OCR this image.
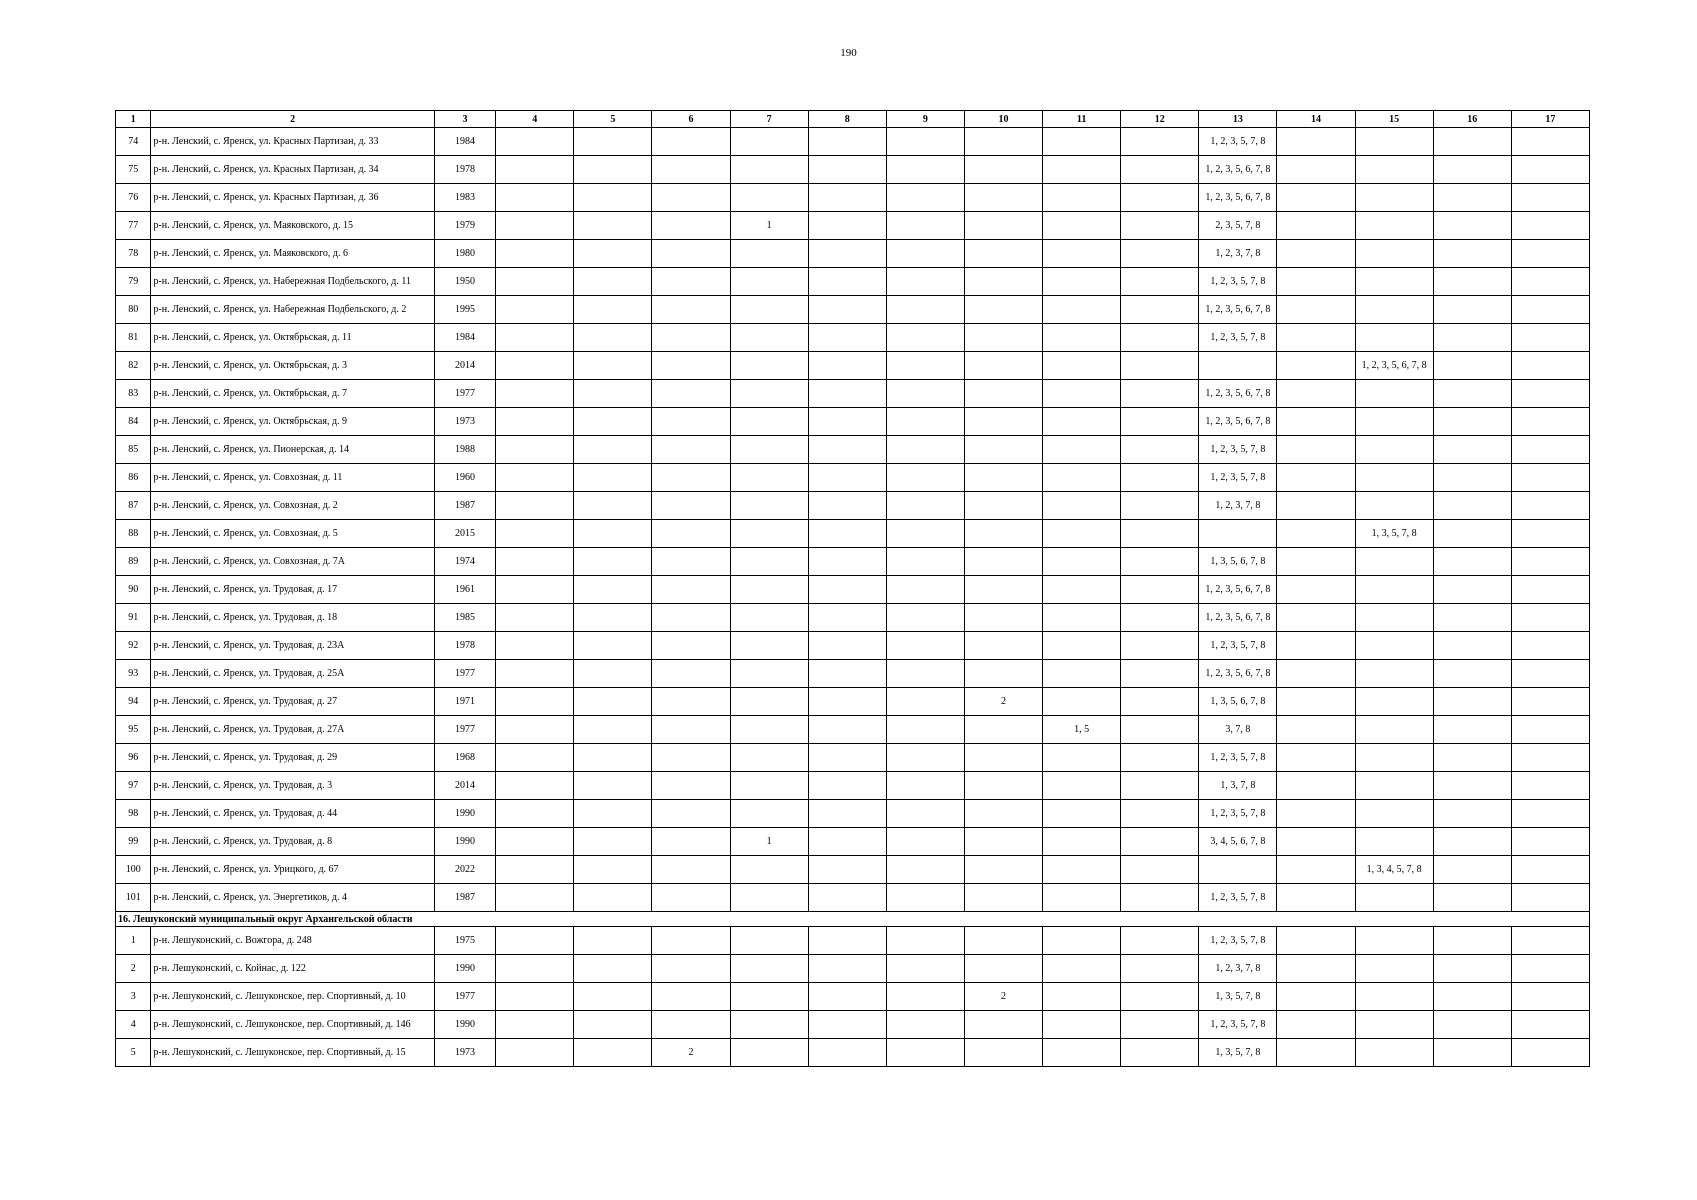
190
1	2	3	4	5	6	7	8	9	10	11	12	13	14	15	16	17
74	р-н. Ленский, с. Яренск, ул. Красных Партизан, д. 33	1984										1, 2, 3, 5, 7, 8				
75	р-н. Ленский, с. Яренск, ул. Красных Партизан, д. 34	1978										1, 2, 3, 5, 6, 7, 8				
76	р-н. Ленский, с. Яренск, ул. Красных Партизан, д. 36	1983										1, 2, 3, 5, 6, 7, 8				
77	р-н. Ленский, с. Яренск, ул. Маяковского, д. 15	1979				1						2, 3, 5, 7, 8				
78	р-н. Ленский, с. Яренск, ул. Маяковского, д. 6	1980										1, 2, 3, 7, 8				
79	р-н. Ленский, с. Яренск, ул. Набережная Подбельского, д. 11	1950										1, 2, 3, 5, 7, 8				
80	р-н. Ленский, с. Яренск, ул. Набережная Подбельского, д. 2	1995										1, 2, 3, 5, 6, 7, 8				
81	р-н. Ленский, с. Яренск, ул. Октябрьская, д. 11	1984										1, 2, 3, 5, 7, 8				
82	р-н. Ленский, с. Яренск, ул. Октябрьская, д. 3	2014												1, 2, 3, 5, 6, 7, 8		
83	р-н. Ленский, с. Яренск, ул. Октябрьская, д. 7	1977										1, 2, 3, 5, 6, 7, 8				
84	р-н. Ленский, с. Яренск, ул. Октябрьская, д. 9	1973										1, 2, 3, 5, 6, 7, 8				
85	р-н. Ленский, с. Яренск, ул. Пионерская, д. 14	1988										1, 2, 3, 5, 7, 8				
86	р-н. Ленский, с. Яренск, ул. Совхозная, д. 11	1960										1, 2, 3, 5, 7, 8				
87	р-н. Ленский, с. Яренск, ул. Совхозная, д. 2	1987										1, 2, 3, 7, 8				
88	р-н. Ленский, с. Яренск, ул. Совхозная, д. 5	2015												1, 3, 5, 7, 8		
89	р-н. Ленский, с. Яренск, ул. Совхозная, д. 7А	1974										1, 3, 5, 6, 7, 8				
90	р-н. Ленский, с. Яренск, ул. Трудовая, д. 17	1961										1, 2, 3, 5, 6, 7, 8				
91	р-н. Ленский, с. Яренск, ул. Трудовая, д. 18	1985										1, 2, 3, 5, 6, 7, 8				
92	р-н. Ленский, с. Яренск, ул. Трудовая, д. 23А	1978										1, 2, 3, 5, 7, 8				
93	р-н. Ленский, с. Яренск, ул. Трудовая, д. 25А	1977										1, 2, 3, 5, 6, 7, 8				
94	р-н. Ленский, с. Яренск, ул. Трудовая, д. 27	1971							2			1, 3, 5, 6, 7, 8				
95	р-н. Ленский, с. Яренск, ул. Трудовая, д. 27А	1977								1, 5		3, 7, 8				
96	р-н. Ленский, с. Яренск, ул. Трудовая, д. 29	1968										1, 2, 3, 5, 7, 8				
97	р-н. Ленский, с. Яренск, ул. Трудовая, д. 3	2014										1, 3, 7, 8				
98	р-н. Ленский, с. Яренск, ул. Трудовая, д. 44	1990										1, 2, 3, 5, 7, 8				
99	р-н. Ленский, с. Яренск, ул. Трудовая, д. 8	1990				1						3, 4, 5, 6, 7, 8				
100	р-н. Ленский, с. Яренск, ул. Урицкого, д. 67	2022												1, 3, 4, 5, 7, 8		
101	р-н. Ленский, с. Яренск, ул. Энергетиков, д. 4	1987										1, 2, 3, 5, 7, 8				
16. Лешуконский муниципальный округ Архангельской области																
1	р-н. Лешуконский, с. Вожгора, д. 248	1975										1, 2, 3, 5, 7, 8				
2	р-н. Лешуконский, с. Койнас, д. 122	1990										1, 2, 3, 7, 8				
3	р-н. Лешуконский, с. Лешуконское, пер. Спортивный, д. 10	1977							2			1, 3, 5, 7, 8				
4	р-н. Лешуконский, с. Лешуконское, пер. Спортивный, д. 146	1990										1, 2, 3, 5, 7, 8				
5	р-н. Лешуконский, с. Лешуконское, пер. Спортивный, д. 15	1973			2							1, 3, 5, 7, 8				
